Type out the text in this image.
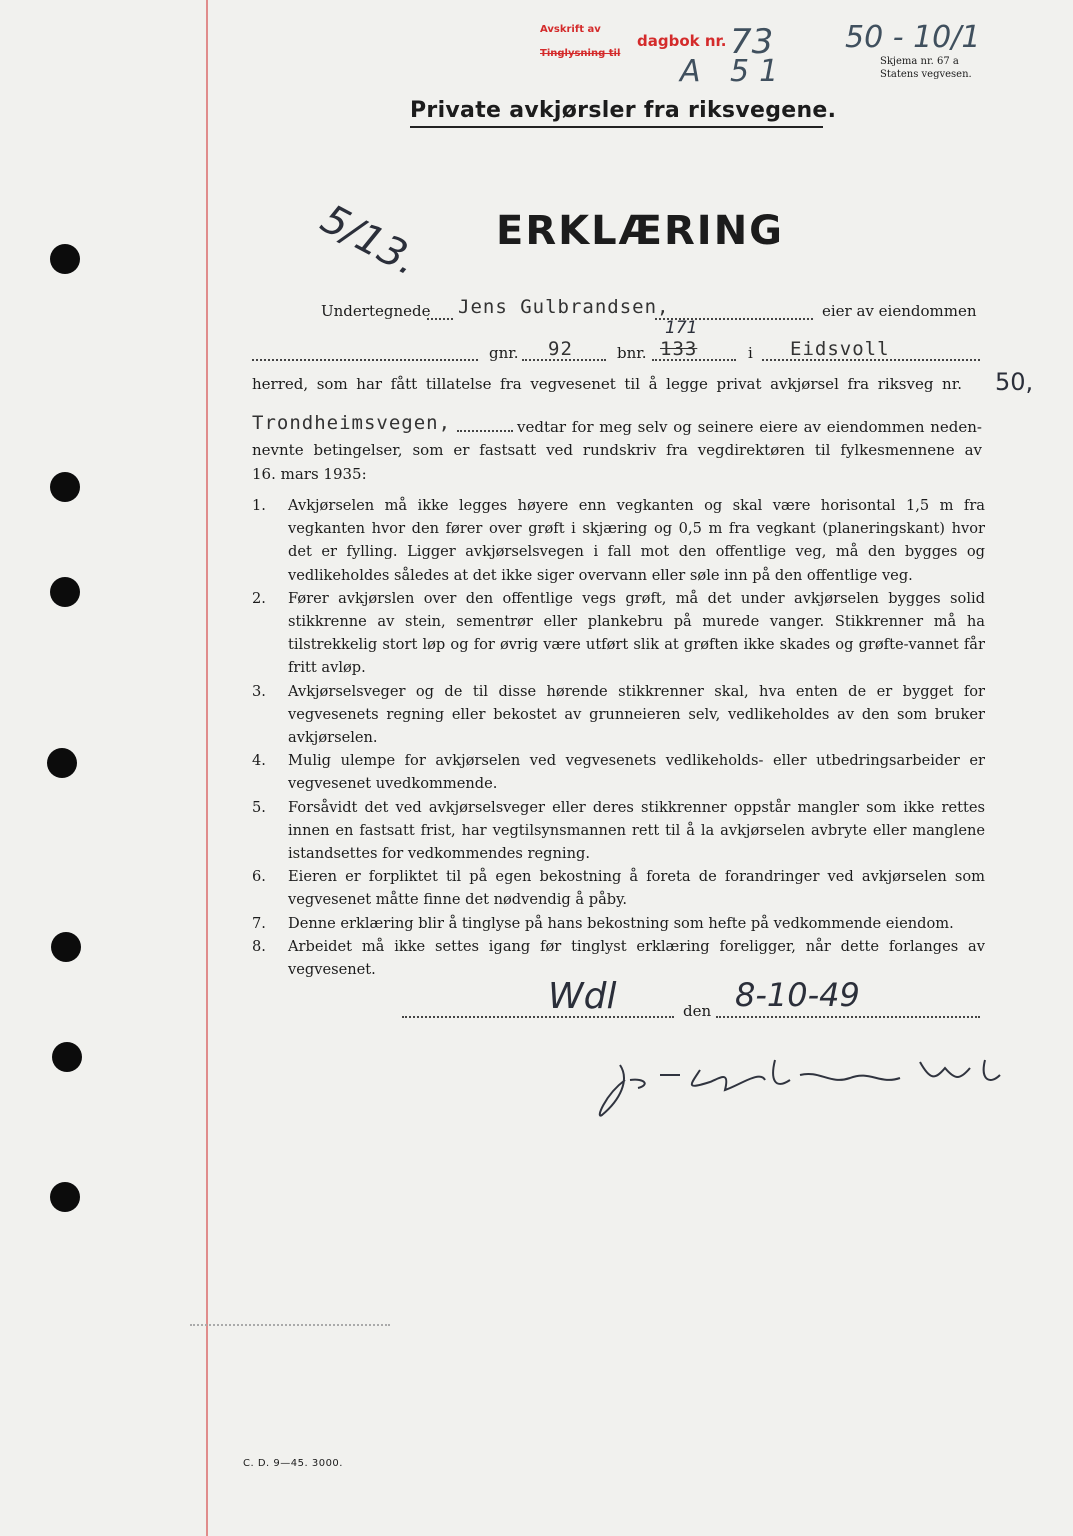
Avskrift av
dagbok nr.
Tinglysning til	73
A 51
50 - 10/1
Skjema nr. 67 a
Statens vegvesen.
Private avkjørsler fra riksvegene.
5/13. ERKLÆRING
Undertegnede Jens Gulbrandsen,	eier av eiendommen
gnr. 92	bnr. 133
171
i Eidsvoll
herred, som har fått tillatelse fra vegvesenet til å legge privat avkjørsel fra riksveg nr. 50,
Trondheimsvegen,	vedtar for meg selv og seinere eiere av eiendommen neden-
nevnte betingelser, som er fastsatt ved rundskriv fra vegdirektøren til fylkesmennene av
16. mars 1935:
1.	Avkjørselen må ikke legges høyere enn vegkanten og skal være horisontal 1,5 m fra vegkanten hvor den fører over grøft i skjæring og 0,5 m fra vegkant (planeringskant) hvor det er fylling. Ligger avkjørselsvegen i fall mot den offentlige veg, må den bygges og vedlikeholdes således at det ikke siger overvann eller søle inn på den offentlige veg.
2.	Fører avkjørslen over den offentlige vegs grøft, må det under avkjørselen bygges solid stikkrenne av stein, sementrør eller plankebru på murede vanger. Stikkrenner må ha tilstrekkelig stort løp og for øvrig være utført slik at grøften ikke skades og grøfte-vannet får fritt avløp.
3.	Avkjørselsveger og de til disse hørende stikkrenner skal, hva enten de er bygget for vegvesenets regning eller bekostet av grunneieren selv, vedlikeholdes av den som bruker avkjørselen.
4.	Mulig ulempe for avkjørselen ved vegvesenets vedlikeholds- eller utbedringsarbeider er vegvesenet uvedkommende.
5.	Forsåvidt det ved avkjørselsveger eller deres stikkrenner oppstår mangler som ikke rettes innen en fastsatt frist, har vegtilsynsmannen rett til å la avkjørselen avbryte eller manglene istandsettes for vedkommendes regning.
6.	Eieren er forpliktet til på egen bekostning å foreta de forandringer ved avkjørselen som vegvesenet måtte finne det nødvendig å påby.
7.	Denne erklæring blir å tinglyse på hans bekostning som hefte på vedkommende eiendom.
8.	Arbeidet må ikke settes igang før tinglyst erklæring foreligger, når dette forlanges av vegvesenet.
Wdl	den 8-10-49
C. D. 9—45. 3000.
